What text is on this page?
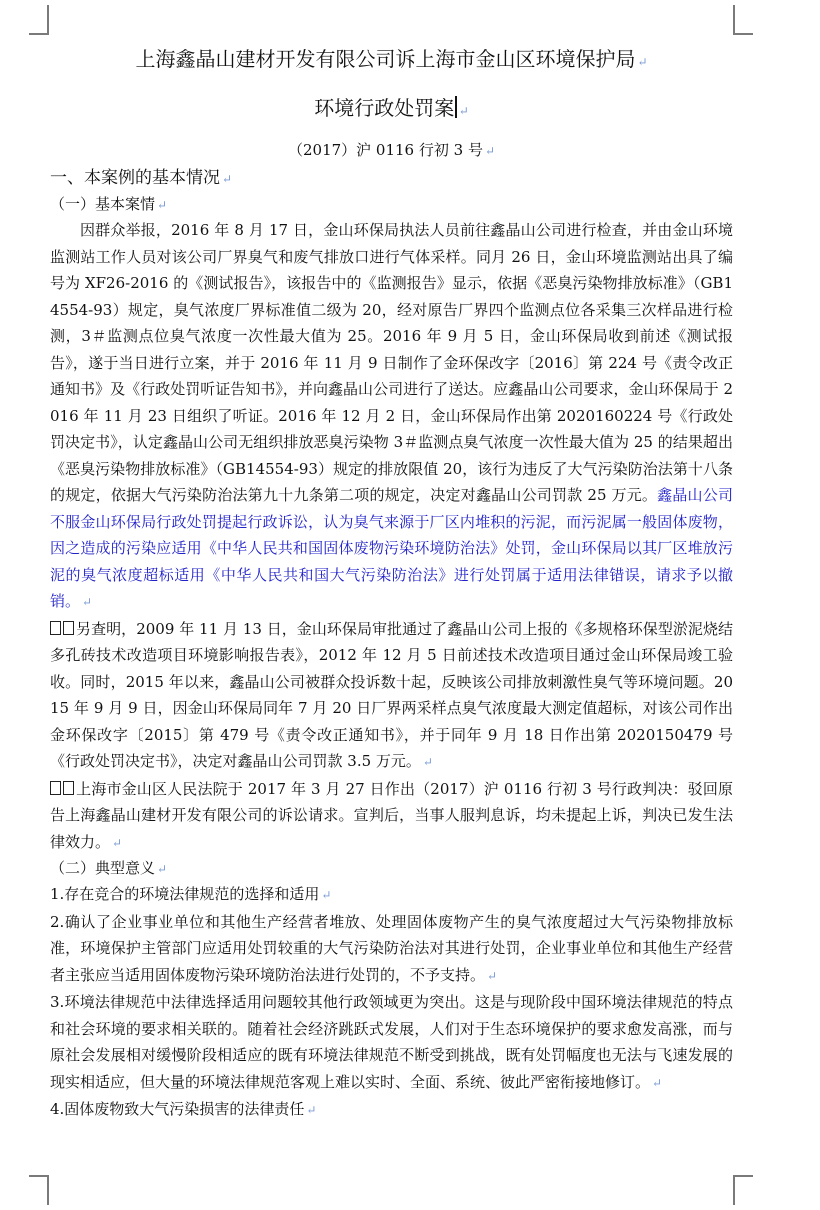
上海鑫晶山建材开发有限公司诉上海市金山区环境保护局 ↵

环境行政处罚案 ↵

（2017）沪 0116 行初 3 号 ↵

一、本案例的基本情况 ↵

（一）基本案情 ↵

因群众举报，2016 年 8 月 17 日，金山环保局执法人员前往鑫晶山公司进行检查，并由金山环境监测站工作人员对该公司厂界臭气和废气排放口进行气体采样。同月 26 日，金山环境监测站出具了编号为 XF26-2016 的《测试报告》，该报告中的《监测报告》显示，依据《恶臭污染物排放标准》（GB14554-93）规定，臭气浓度厂界标准值二级为 20，经对原告厂界四个监测点位各采集三次样品进行检测，3＃监测点位臭气浓度一次性最大值为 25。2016 年 9 月 5 日，金山环保局收到前述《测试报告》，遂于当日进行立案，并于 2016 年 11 月 9 日制作了金环保改字〔2016〕第 224 号《责令改正通知书》及《行政处罚听证告知书》，并向鑫晶山公司进行了送达。应鑫晶山公司要求，金山环保局于 2016 年 11 月 23 日组织了听证。2016 年 12 月 2 日，金山环保局作出第 2020160224 号《行政处罚决定书》，认定鑫晶山公司无组织排放恶臭污染物 3＃监测点臭气浓度一次性最大值为 25 的结果超出《恶臭污染物排放标准》（GB14554-93）规定的排放限值 20，该行为违反了大气污染防治法第十八条的规定，依据大气污染防治法第九十九条第二项的规定，决定对鑫晶山公司罚款 25 万元。鑫晶山公司不服金山环保局行政处罚提起行政诉讼，认为臭气来源于厂区内堆积的污泥，而污泥属一般固体废物，因之造成的污染应适用《中华人民共和国固体废物污染环境防治法》处罚，金山环保局以其厂区堆放污泥的臭气浓度超标适用《中华人民共和国大气污染防治法》进行处罚属于适用法律错误，请求予以撤销。 ↵

另查明，2009 年 11 月 13 日，金山环保局审批通过了鑫晶山公司上报的《多规格环保型淤泥烧结多孔砖技术改造项目环境影响报告表》，2012 年 12 月 5 日前述技术改造项目通过金山环保局竣工验收。同时，2015 年以来，鑫晶山公司被群众投诉数十起，反映该公司排放刺激性臭气等环境问题。2015 年 9 月 9 日，因金山环保局同年 7 月 20 日厂界两采样点臭气浓度最大测定值超标，对该公司作出金环保改字〔2015〕第 479 号《责令改正通知书》，并于同年 9 月 18 日作出第 2020150479 号《行政处罚决定书》，决定对鑫晶山公司罚款 3.5 万元。 ↵

上海市金山区人民法院于 2017 年 3 月 27 日作出（2017）沪 0116 行初 3 号行政判决：驳回原告上海鑫晶山建材开发有限公司的诉讼请求。宣判后，当事人服判息诉，均未提起上诉，判决已发生法律效力。 ↵

（二）典型意义 ↵

1.存在竞合的环境法律规范的选择和适用 ↵

2.确认了企业事业单位和其他生产经营者堆放、处理固体废物产生的臭气浓度超过大气污染物排放标准，环境保护主管部门应适用处罚较重的大气污染防治法对其进行处罚，企业事业单位和其他生产经营者主张应当适用固体废物污染环境防治法进行处罚的，不予支持。 ↵

3.环境法律规范中法律选择适用问题较其他行政领域更为突出。这是与现阶段中国环境法律规范的特点和社会环境的要求相关联的。随着社会经济跳跃式发展，人们对于生态环境保护的要求愈发高涨，而与原社会发展相对缓慢阶段相适应的既有环境法律规范不断受到挑战，既有处罚幅度也无法与飞速发展的现实相适应，但大量的环境法律规范客观上难以实时、全面、系统、彼此严密衔接地修订。 ↵

4.固体废物致大气污染损害的法律责任 ↵
